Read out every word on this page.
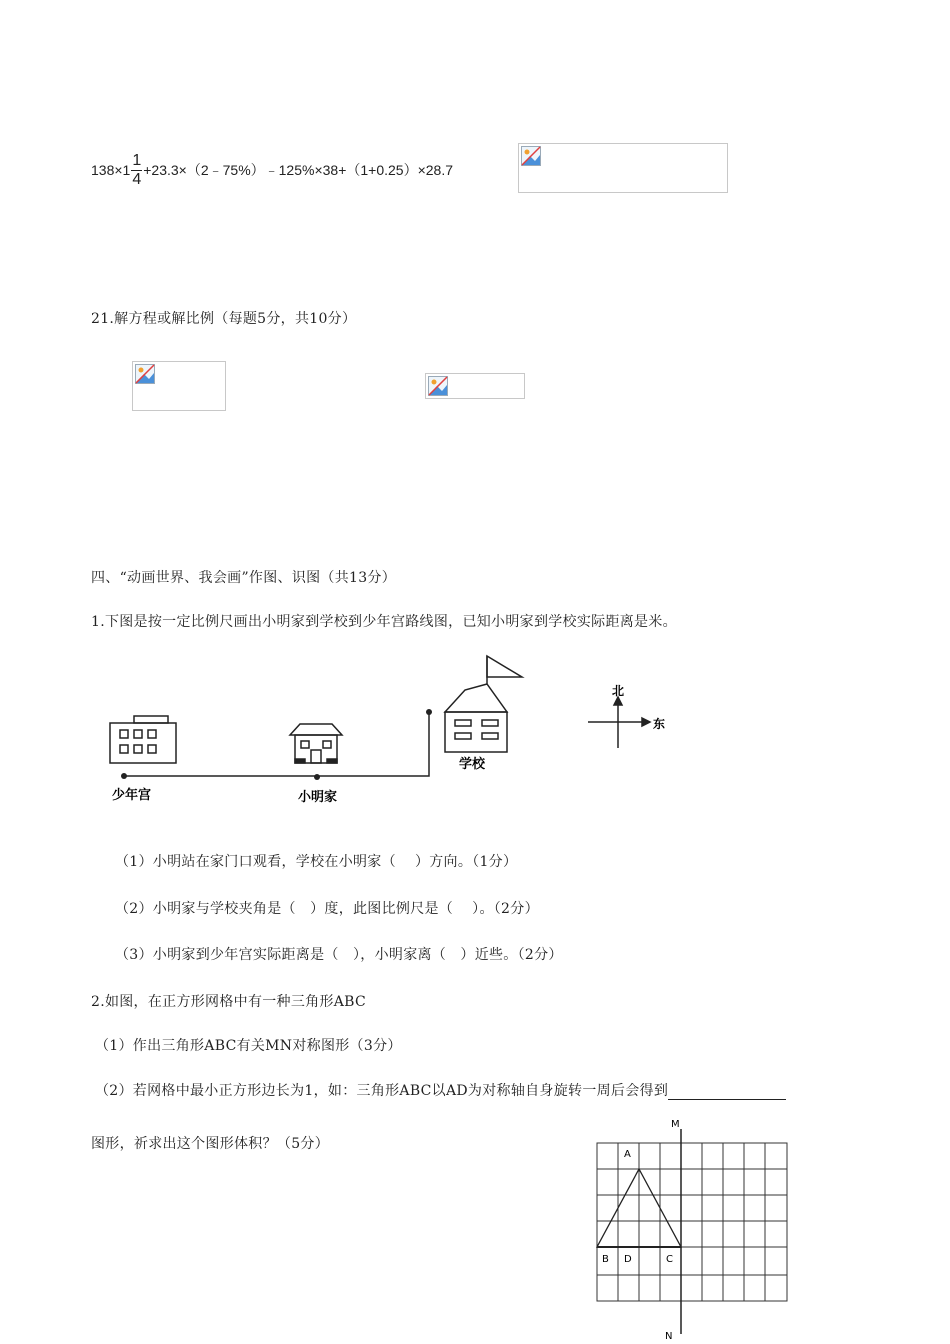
$138\times 1 \frac{1}{4}$ +23.3×（2﹣75%）﹣125%×38+（1+0.25）×28.7
21.解方程或解比例（每题5分，共10分）
四、“动画世界、我会画”作图、识图（共13分）
1.下图是按一定比例尺画出小明家到学校到少年宫路线图，已知小明家到学校实际距离是米。
北
东
少年宫	小明家
学校
（1）小明站在家门口观看，学校在小明家（　 ）方向。（1分）
（2）小明家与学校夹角是（　）度，此图比例尺是（　 ）。（2分）
（3）小明家到少年宫实际距离是（　），小明家离（　）近些。（2分）
2.如图，在正方形网格中有一种三角形ABC
（1）作出三角形ABC有关MN对称图形（3分）
（2）若网格中最小正方形边长为1，如：三角形ABC以AD为对称轴自身旋转一周后会得到
图形，祈求出这个图形体积？（5分）
M
N
A
B D	C
